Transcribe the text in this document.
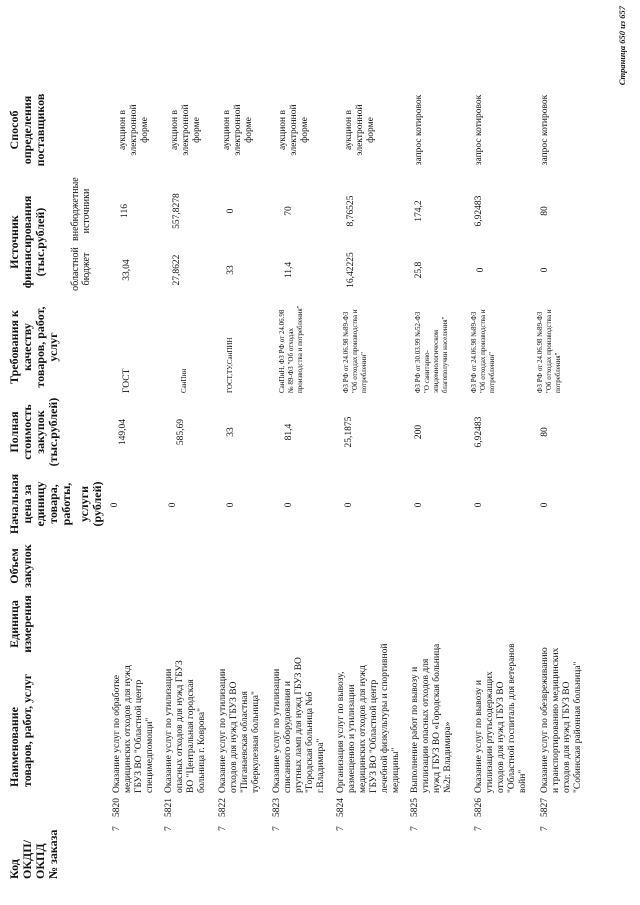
Код ОКДП/ ОКПД № заказа
Наименование товаров, работ, услуг
Единица измерения
Объем закупок
Начальная цена за единицу товара, работы, услуги (рублей)
Полная стоимость закупок (тыс.рублей)
Требования к качеству товаров, работ, услуг
Источник финансирования (тыс.рублей) областной бюджет
внебюджетные источники
Способ определения поставщиков
7
5820
Оказание услуг по обработке медицинских отходов для нужд ГБУЗ ВО "Областной центр специмедпомощи"
0
149,04
ГОСТ
33,04
116
аукцион в электронной форме
7
5821
Оказание услуг по утилизации опасных отходов для нужд ГБУЗ ВО "Центральная городская больница г. Коврова"
0
585,69
СанПин
27,8622
557,8278
аукцион в электронной форме
7
5822
Оказание услуг по утилизации отходов для нужд ГБУЗ ВО "Пиганаевская областная туберкулезная больница"
0
33
ГОСТ,ТУ,СанПИН
33
0
аукцион в электронной форме
7
5823
Оказание услуг по утилизации списанного оборудования и ртутных ламп для нужд ГБУЗ ВО "Городская больница №6 г.Владимира"
0
81,4
СанПиН, ФЗ РФ от 24.06.98 № 89-ФЗ "Об отходах производства и потребления"
11,4
70
аукцион в электронной форме
7
5824
Организация услуг по вывозу, размещению и утилизации медицинских отходов для нужд ГБУЗ ВО "Областной центр лечебной физкультуры и спортивной медицины"
0
25,1875
ФЗ РФ от 24.06.98 №89-ФЗ "Об отходах производства и потреблении"
16,42225
8,76525
аукцион в электронной форме
7
5825
Выполнение работ по вывозу и утилизации опасных отходов для нужд ГБУЗ ВО «Городская больница №2г. Владимира»
0
200
ФЗ РФ от 30.03.99 №52-ФЗ "О санитарно-эпидемиологическом благополучии населения"
25,8
174,2
запрос котировок
7
5826
Оказание услуг по вывозу и утилизации ртутьсодержащих отходов для нужд ГБУЗ ВО "Областной госпиталь для ветеранов войн"
0
6,92483
ФЗ РФ от 24.06.98 №89-ФЗ "Об отходах производства и потреблении"
0
6,92483
запрос котировок
7
5827
Оказание услуг по обезвреживанию и транспортированию медицинских отходов для нужд ГБУЗ ВО "Собинская районная больница"
0
80
ФЗ РФ от 24.06.98 №89-ФЗ "Об отходах производства и потребления"
0
80
запрос котировок
Страница 650 из 657
